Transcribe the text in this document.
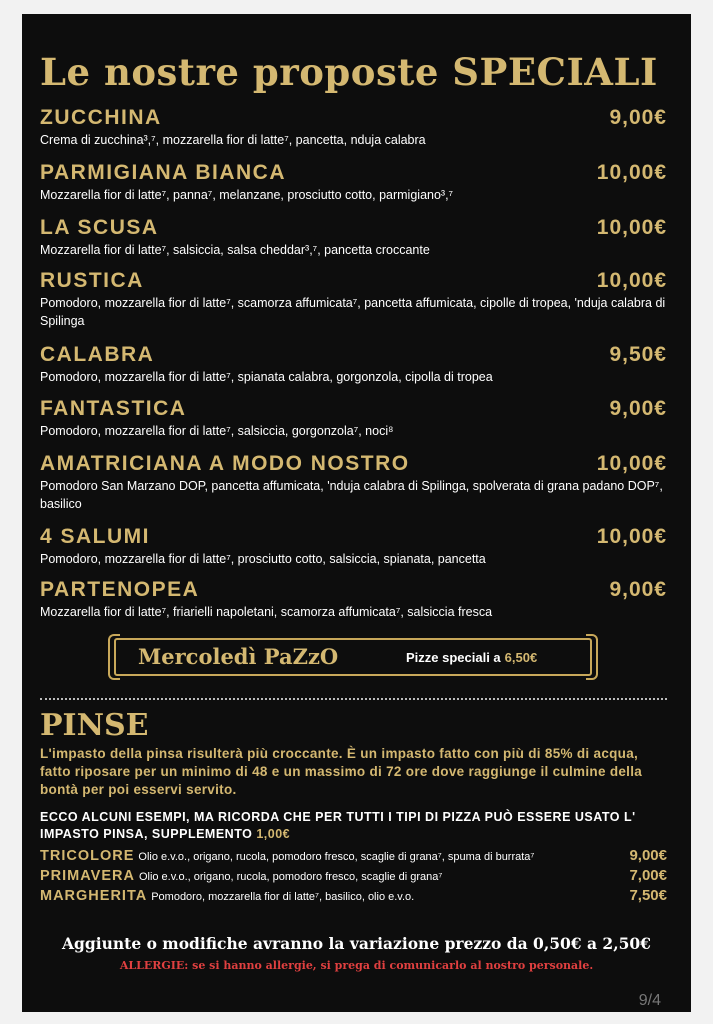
Le nostre proposte SPECIALI
ZUCCHINA	9,00€
Crema di zucchina³,⁷, mozzarella fior di latte⁷, pancetta, nduja calabra
PARMIGIANA BIANCA	10,00€
Mozzarella fior di latte⁷, panna⁷, melanzane, prosciutto cotto, parmigiano³,⁷
LA SCUSA	10,00€
Mozzarella fior di latte⁷, salsiccia, salsa cheddar³,⁷, pancetta croccante
RUSTICA	10,00€
Pomodoro, mozzarella fior di latte⁷, scamorza affumicata⁷, pancetta affumicata, cipolle di tropea, 'nduja calabra di Spilinga
CALABRA	9,50€
Pomodoro, mozzarella fior di latte⁷, spianata calabra, gorgonzola, cipolla di tropea
FANTASTICA	9,00€
Pomodoro, mozzarella fior di latte⁷, salsiccia, gorgonzola⁷, noci⁸
AMATRICIANA A MODO NOSTRO	10,00€
Pomodoro San Marzano DOP, pancetta affumicata, 'nduja calabra di Spilinga, spolverata di grana padano DOP⁷, basilico
4 SALUMI	10,00€
Pomodoro, mozzarella fior di latte⁷, prosciutto cotto, salsiccia, spianata, pancetta
PARTENOPEA	9,00€
Mozzarella fior di latte⁷, friarielli napoletani, scamorza affumicata⁷, salsiccia fresca
Mercoledì PaZzO	Pizze speciali a 6,50€
PINSE
L'impasto della pinsa risulterà più croccante. È un impasto fatto con più di 85% di acqua, fatto riposare per un minimo di 48 e un massimo di 72 ore dove raggiunge il culmine della bontà per poi esservi servito.
ECCO ALCUNI ESEMPI, MA RICORDA CHE PER TUTTI I TIPI DI PIZZA PUÒ ESSERE USATO L' IMPASTO PINSA, SUPPLEMENTO 1,00€
TRICOLORE Olio e.v.o., origano, rucola, pomodoro fresco, scaglie di grana⁷, spuma di burrata⁷	9,00€
PRIMAVERA Olio e.v.o., origano, rucola, pomodoro fresco, scaglie di grana⁷	7,00€
MARGHERITA Pomodoro, mozzarella fior di latte⁷, basilico, olio e.v.o.	7,50€
Aggiunte o modifiche avranno la variazione prezzo da 0,50€ a 2,50€
ALLERGIE: se si hanno allergie, si prega di comunicarlo al nostro personale.
9/4
